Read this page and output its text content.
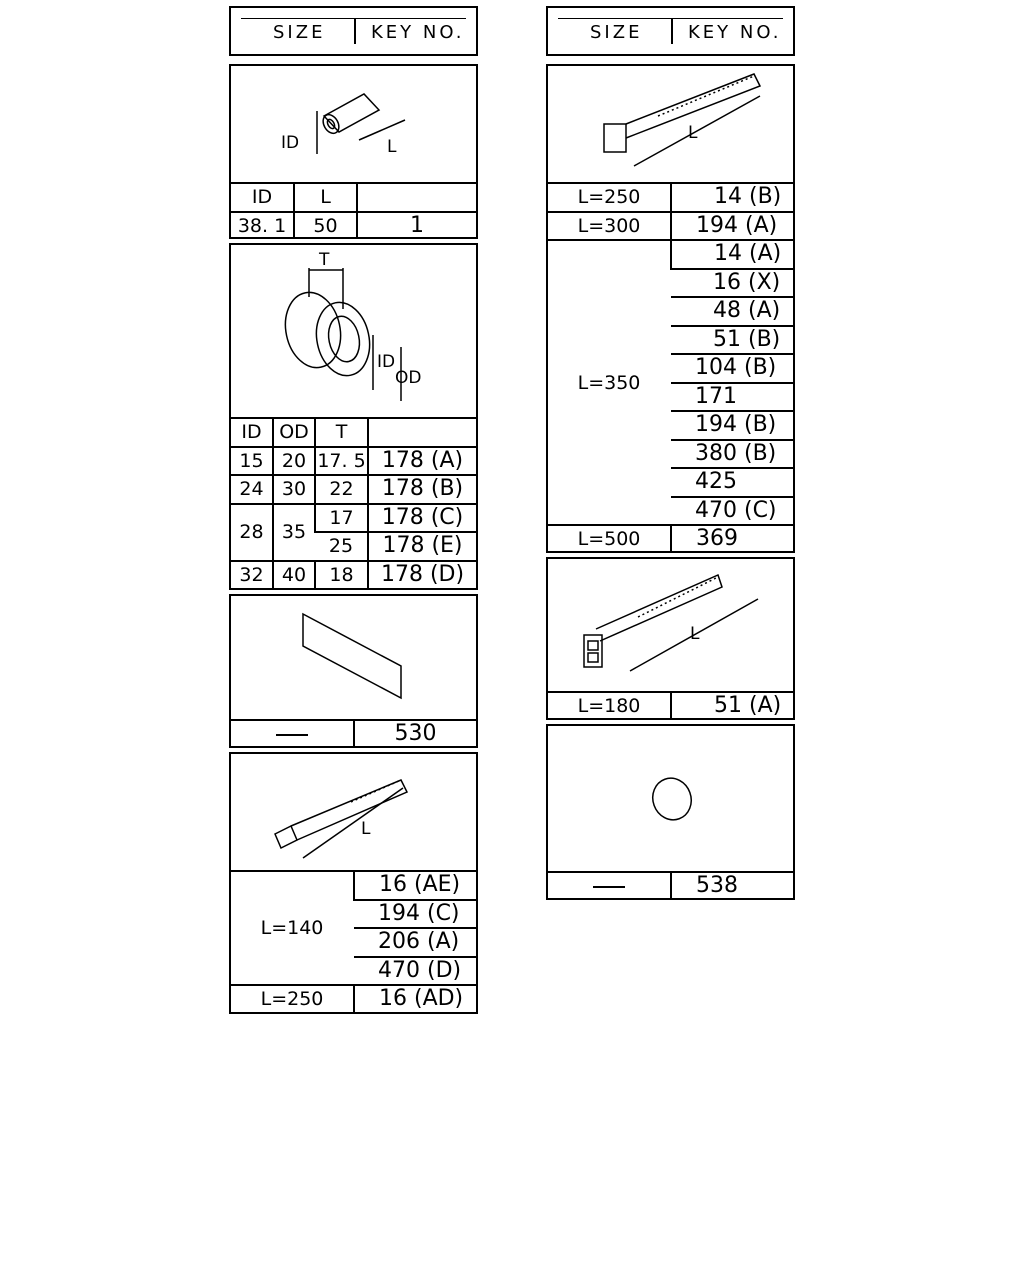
SIZE	KEY NO.	SIZE	KEY NO.
ID	L
ID	L	
38. 1	50	1
T
ID
OD
ID	OD	T	
15	20	17. 5	178 (A)
24	30	22	178 (B)
28	35	17	178 (C)
		25	178 (E)
32	40	18	178 (D)
	530
L
L=140	16 (AE)
	194 (C)
	206 (A)
	470 (D)
L=250	16 (AD)
L
L=250	14 (B)
L=300	194 (A)
L=350	14 (A)
	16 (X)
	48 (A)
	51 (B)
	104 (B)
	171
	194 (B)
	380 (B)
	425
	470 (C)
L=500	369
L
L=180	51 (A)
	538
